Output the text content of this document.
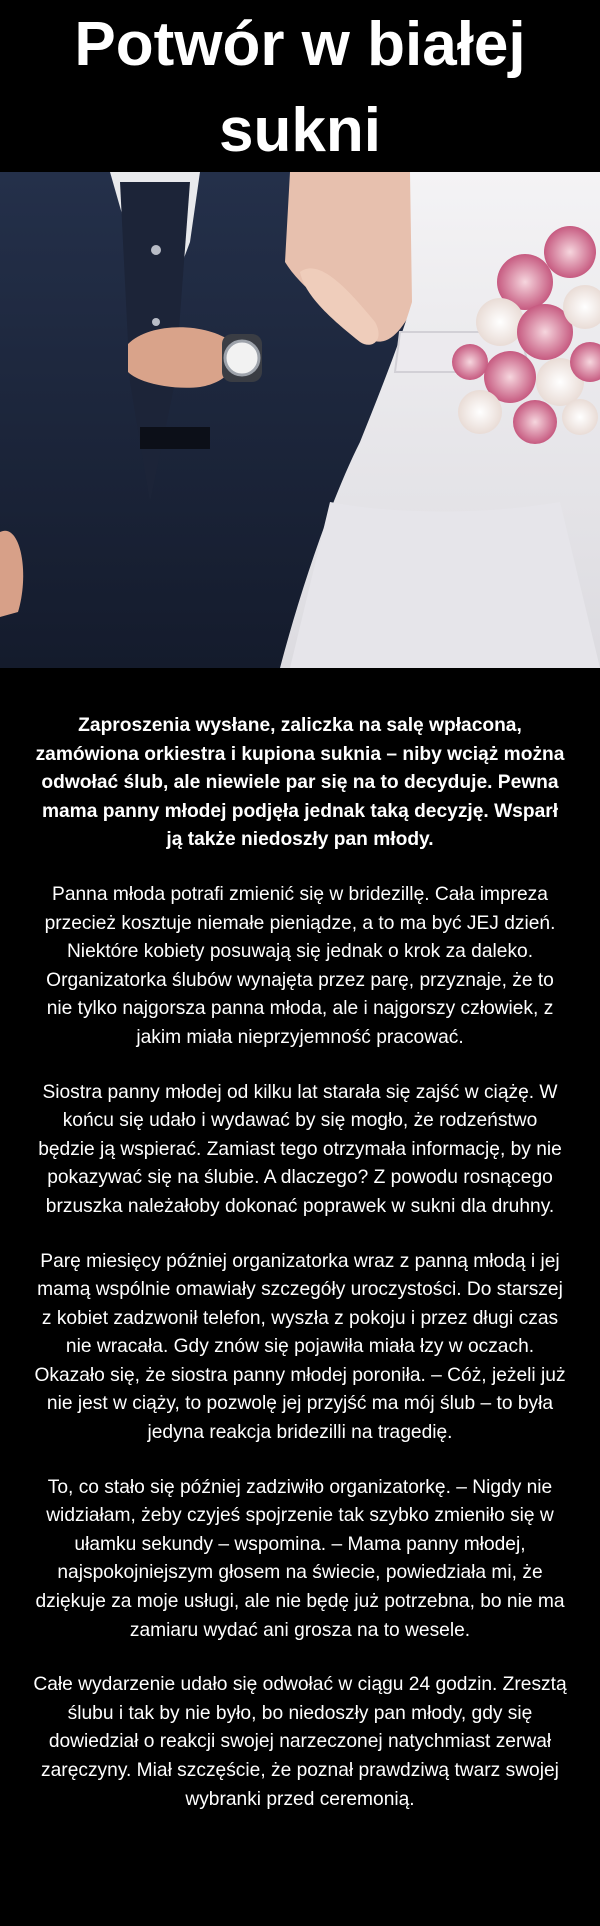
Potwór w białej sukni

Zaproszenia wysłane, zaliczka na salę wpłacona, zamówiona orkiestra i kupiona suknia – niby wciąż można odwołać ślub, ale niewiele par się na to decyduje. Pewna mama panny młodej podjęła jednak taką decyzję. Wsparł ją także niedoszły pan młody.

Panna młoda potrafi zmienić się w bridezillę. Cała impreza przecież kosztuje niemałe pieniądze, a to ma być JEJ dzień. Niektóre kobiety posuwają się jednak o krok za daleko. Organizatorka ślubów wynajęta przez parę, przyznaje, że to nie tylko najgorsza panna młoda, ale i najgorszy człowiek, z jakim miała nieprzyjemność pracować.

Siostra panny młodej od kilku lat starała się zajść w ciążę. W końcu się udało i wydawać by się mogło, że rodzeństwo będzie ją wspierać. Zamiast tego otrzymała informację, by nie pokazywać się na ślubie. A dlaczego? Z powodu rosnącego brzuszka należałoby dokonać poprawek w sukni dla druhny.

Parę miesięcy później organizatorka wraz z panną młodą i jej mamą wspólnie omawiały szczegóły uroczystości. Do starszej z kobiet zadzwonił telefon, wyszła z pokoju i przez długi czas nie wracała. Gdy znów się pojawiła miała łzy w oczach. Okazało się, że siostra panny młodej poroniła. – Cóż, jeżeli już nie jest w ciąży, to pozwolę jej przyjść ma mój ślub – to była jedyna reakcja bridezilli na tragedię.

To, co stało się później zadziwiło organizatorkę. – Nigdy nie widziałam, żeby czyjeś spojrzenie tak szybko zmieniło się w ułamku sekundy – wspomina. – Mama panny młodej, najspokojniejszym głosem na świecie, powiedziała mi, że dziękuje za moje usługi, ale nie będę już potrzebna, bo nie ma zamiaru wydać ani grosza na to wesele.

Całe wydarzenie udało się odwołać w ciągu 24 godzin. Zresztą ślubu i tak by nie było, bo niedoszły pan młody, gdy się dowiedział o reakcji swojej narzeczonej natychmiast zerwał zaręczyny. Miał szczęście, że poznał prawdziwą twarz swojej wybranki przed ceremonią.
